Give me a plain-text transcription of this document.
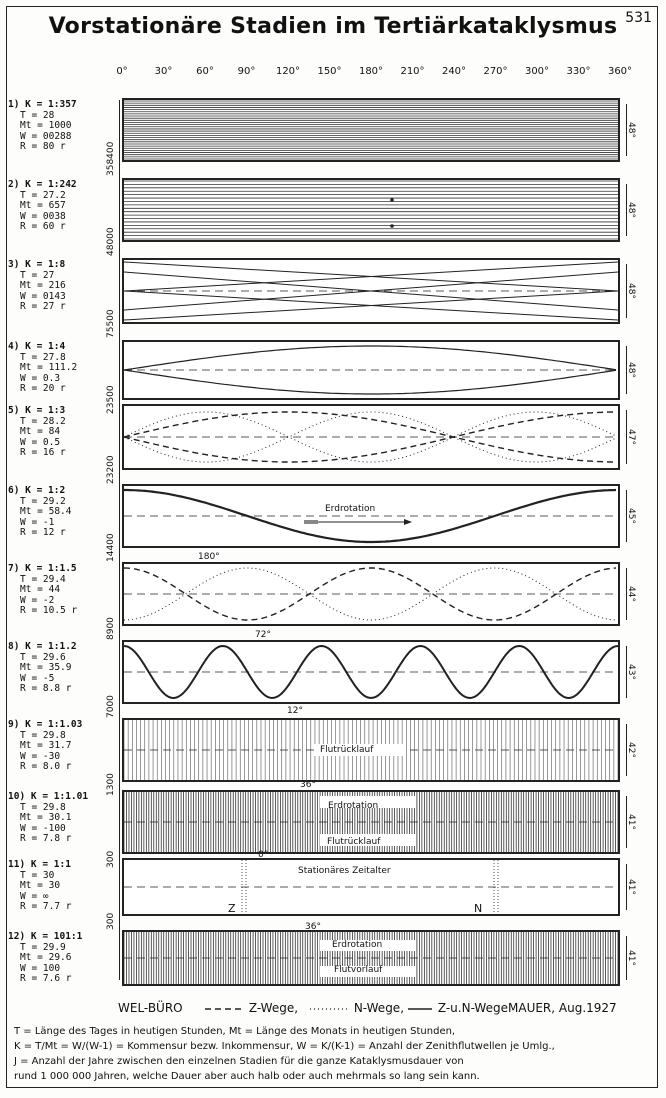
Vorstationäre Stadien im Tertiärkataklysmus 531
0°	30° 60° 90° 120° 150° 180° 210° 240° 270° 300° 330° 360°
1) K = 1:357
T = 28
Mt = 1000
W = 00288
R = 80 r	358400
48°
2) K = 1:242
T = 27.2
Mt = 657
W = 0038
R = 60 r
48000
48°
3) K = 1:8
T = 27
Mt = 216
W = 0143
R = 27 r
75500
48°
4) K = 1:4
T = 27.8
Mt = 111.2
W = 0.3
R = 20 r	23500
48°
5) K = 1:3
T = 28.2
Mt = 84
W = 0.5
R = 16 r
23200
47°
6) K = 1:2
T = 29.2
Mt = 58.4
W = -1
R = 12 r
14400
45°
7) K = 1:1.5
T = 29.4
Mt = 44
W = -2
R = 10.5 r
8900
44°
8) K = 1:1.2
T = 29.6
Mt = 35.9
W = -5
R = 8.8 r
7000
43°
9) K = 1:1.03
T = 29.8
Mt = 31.7
W = -30
R = 8.0 r
1300
42°
10) K = 1:1.01
T = 29.8
Mt = 30.1
W = -100
R = 7.8 r
300
41°
11) K = 1:1
T = 30
Mt = 30
W = ∞
R = 7.7 r
300
41°
12) K = 101:1
T = 29.9
Mt = 29.6
W = 100
R = 7.6 r
41°
Erdrotation
180°
72°
12°
Flutrücklauf
36°
Erdrotation
Flutrücklauf
0°
Stationäres Zeitalter
Z	N
36°
Erdrotation
Flutvorlauf
WEL-BÜRO	Z-Wege,	N-Wege,	Z-u.N-Wege MAUER, Aug.1927
T = Länge des Tages in heutigen Stunden, Mt = Länge des Monats in heutigen Stunden,
K = T/Mt = W/(W-1) = Kommensur bezw. Inkommensur, W = K/(K-1) = Anzahl der Zenithflutwellen je Umlg.,
J = Anzahl der Jahre zwischen den einzelnen Stadien für die ganze Kataklysmusdauer von
rund 1 000 000 Jahren, welche Dauer aber auch halb oder auch mehrmals so lang sein kann.
